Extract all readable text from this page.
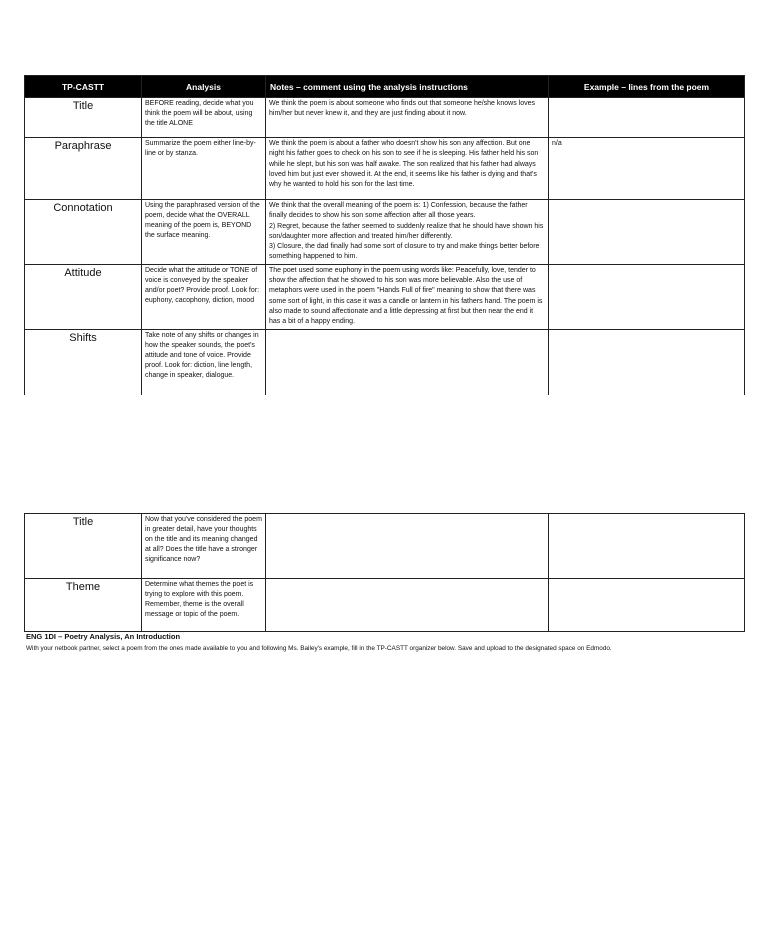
TP-CASTT	Analysis	Notes – comment using the analysis instructions	Example – lines from the poem
Title	BEFORE reading, decide what you think the poem will be about, using the title ALONE	We think the poem is about someone who finds out that someone he/she knows loves him/her but never knew it, and they are just finding about it now.	
Paraphrase	Summarize the poem either line-by-line or by stanza.	We think the poem is about a father who doesn't show his son any affection. But one night his father goes to check on his son to see if he is sleeping. His father held his son while he slept, but his son was half awake. The son realized that his father had always loved him but just ever showed it. At the end, it seems like his father is dying and that's why he wanted to hold his son for the last time.	n/a
Connotation	Using the paraphrased version of the poem, decide what the OVERALL meaning of the poem is, BEYOND the surface meaning.	We think that the overall meaning of the poem is: 1) Confession, because the father finally decides to show his son some affection after all those years.
2) Regret, because the father seemed to suddenly realize that he should have shown his son/daughter more affection and treated him/her differently.
3) Closure, the dad finally had some sort of closure to try and make things better before something happened to him.	

Attitude	Decide what the attitude or TONE of voice is conveyed by the speaker and/or poet? Provide proof. Look for: euphony, cacophony, diction, mood	The poet used some euphony in the poem using words like: Peacefully, love, tender to show the affection that he showed to his son was more believable. Also the use of metaphors were used in the poem "Hands Full of fire" meaning to show that there was some sort of light, in this case it was a candle or lantern in his fathers hand. The poem is also made to sound affectionate and a little depressing at first but then near the end it has a bit of a happy ending.	
Shifts	Take note of any shifts or changes in how the speaker sounds, the poet's attitude and tone of voice. Provide proof. Look for: diction, line length, change in speaker, dialogue.		
Title	Now that you've considered the poem in greater detail, have your thoughts on the title and its meaning changed at all? Does the title have a stronger significance now?		
Theme	Determine what themes the poet is trying to explore with this poem. Remember, theme is the overall message or topic of the poem.		

ENG 1DI – Poetry Analysis, An Introduction

With your netbook partner, select a poem from the ones made available to you and following Ms. Bailey's example, fill in the TP-CASTT organizer below. Save and upload to the designated space on Edmodo.
